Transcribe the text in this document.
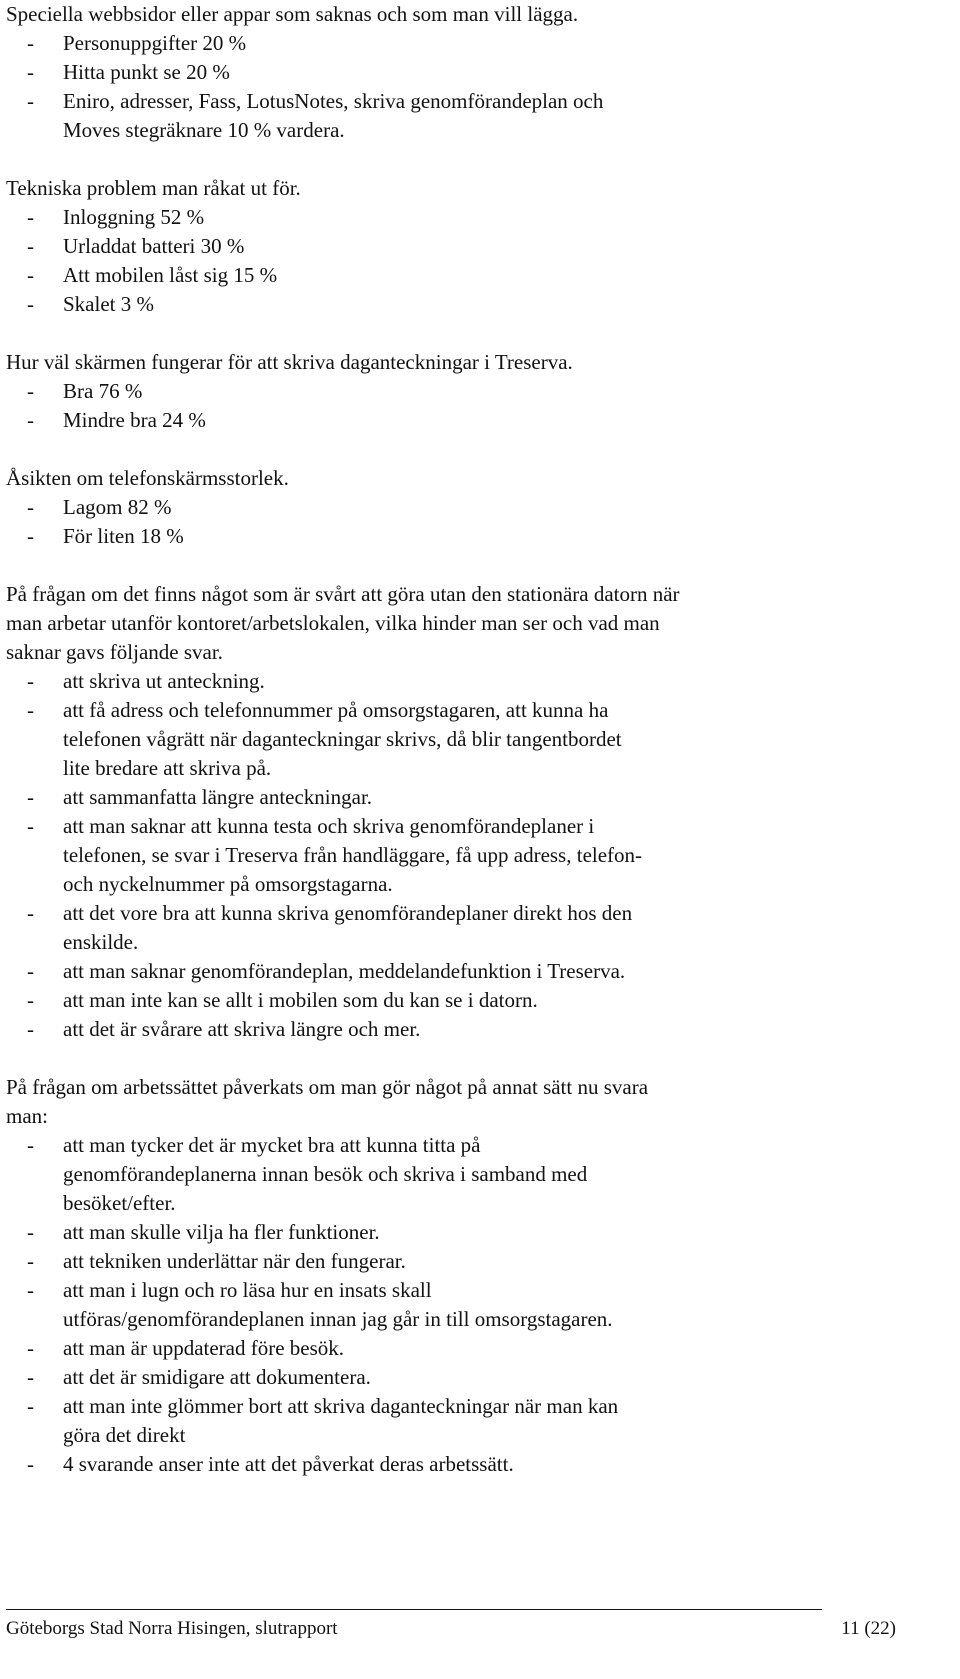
Speciella webbsidor eller appar som saknas och som man vill lägga.

- Personuppgifter 20 %
- Hitta punkt se 20 %
- Eniro, adresser, Fass, LotusNotes, skriva genomförandeplan och
Moves stegräknare 10 % vardera.

Tekniska problem man råkat ut för.

- Inloggning 52 %
- Urladdat batteri 30 %
- Att mobilen låst sig 15 %
- Skalet 3 %

Hur väl skärmen fungerar för att skriva daganteckningar i Treserva.

- Bra 76 %
- Mindre bra 24 %

Åsikten om telefonskärmsstorlek.

- Lagom 82 %
- För liten 18 %

På frågan om det finns något som är svårt att göra utan den stationära datorn när
man arbetar utanför kontoret/arbetslokalen, vilka hinder man ser och vad man
saknar gavs följande svar.

- att skriva ut anteckning.
- att få adress och telefonnummer på omsorgstagaren, att kunna ha
telefonen vågrätt när daganteckningar skrivs, då blir tangentbordet
lite bredare att skriva på.
- att sammanfatta längre anteckningar.
- att man saknar att kunna testa och skriva genomförandeplaner i
telefonen, se svar i Treserva från handläggare, få upp adress, telefon-
och nyckelnummer på omsorgstagarna.
- att det vore bra att kunna skriva genomförandeplaner direkt hos den
enskilde.
- att man saknar genomförandeplan, meddelandefunktion i Treserva.
- att man inte kan se allt i mobilen som du kan se i datorn.
- att det är svårare att skriva längre och mer.

På frågan om arbetssättet påverkats om man gör något på annat sätt nu svara
man:

- att man tycker det är mycket bra att kunna titta på
genomförandeplanerna innan besök och skriva i samband med
besöket/efter.
- att man skulle vilja ha fler funktioner.
- att tekniken underlättar när den fungerar.
- att man i lugn och ro läsa hur en insats skall
utföras/genomförandeplanen innan jag går in till omsorgstagaren.
- att man är uppdaterad före besök.
- att det är smidigare att dokumentera.
- att man inte glömmer bort att skriva daganteckningar när man kan
göra det direkt
- 4 svarande anser inte att det påverkat deras arbetssätt.
Göteborgs Stad Norra Hisingen, slutrapport	11 (22)
